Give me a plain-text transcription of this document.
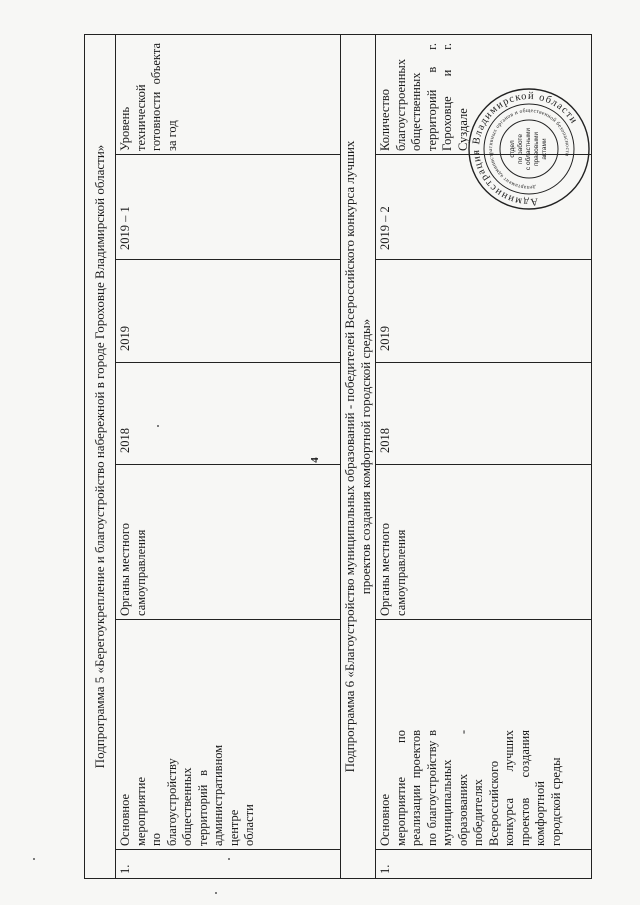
4
Подпрограмма 5 «Берегоукрепление и благоустройство набережной в городе Гороховце Владимирской области»
1.
Основное мероприятие по благоустройству общественных территорий в административном центре области
Органы местного самоуправления
2018
2019
2019 – 1
Уровень технической готовности объекта за год
Подпрограмма 6 «Благоустройство муниципальных образований - победителей Всероссийского конкурса лучших проектов создания комфортной городской среды»
1.
Основное мероприятие по реализации проектов по благоустройству в муниципальных образованиях - победителях Всероссийского конкурса лучших проектов создания комфортной городской среды
Органы местного самоуправления
2018
2019
2019 – 2
Количество благоустроенных общественных территорий в г. Гороховце и г. Суздале
Администрация Владимирской области
департамент административных органов и общественной безопасности
отдел по работе с областными правовыми актами
